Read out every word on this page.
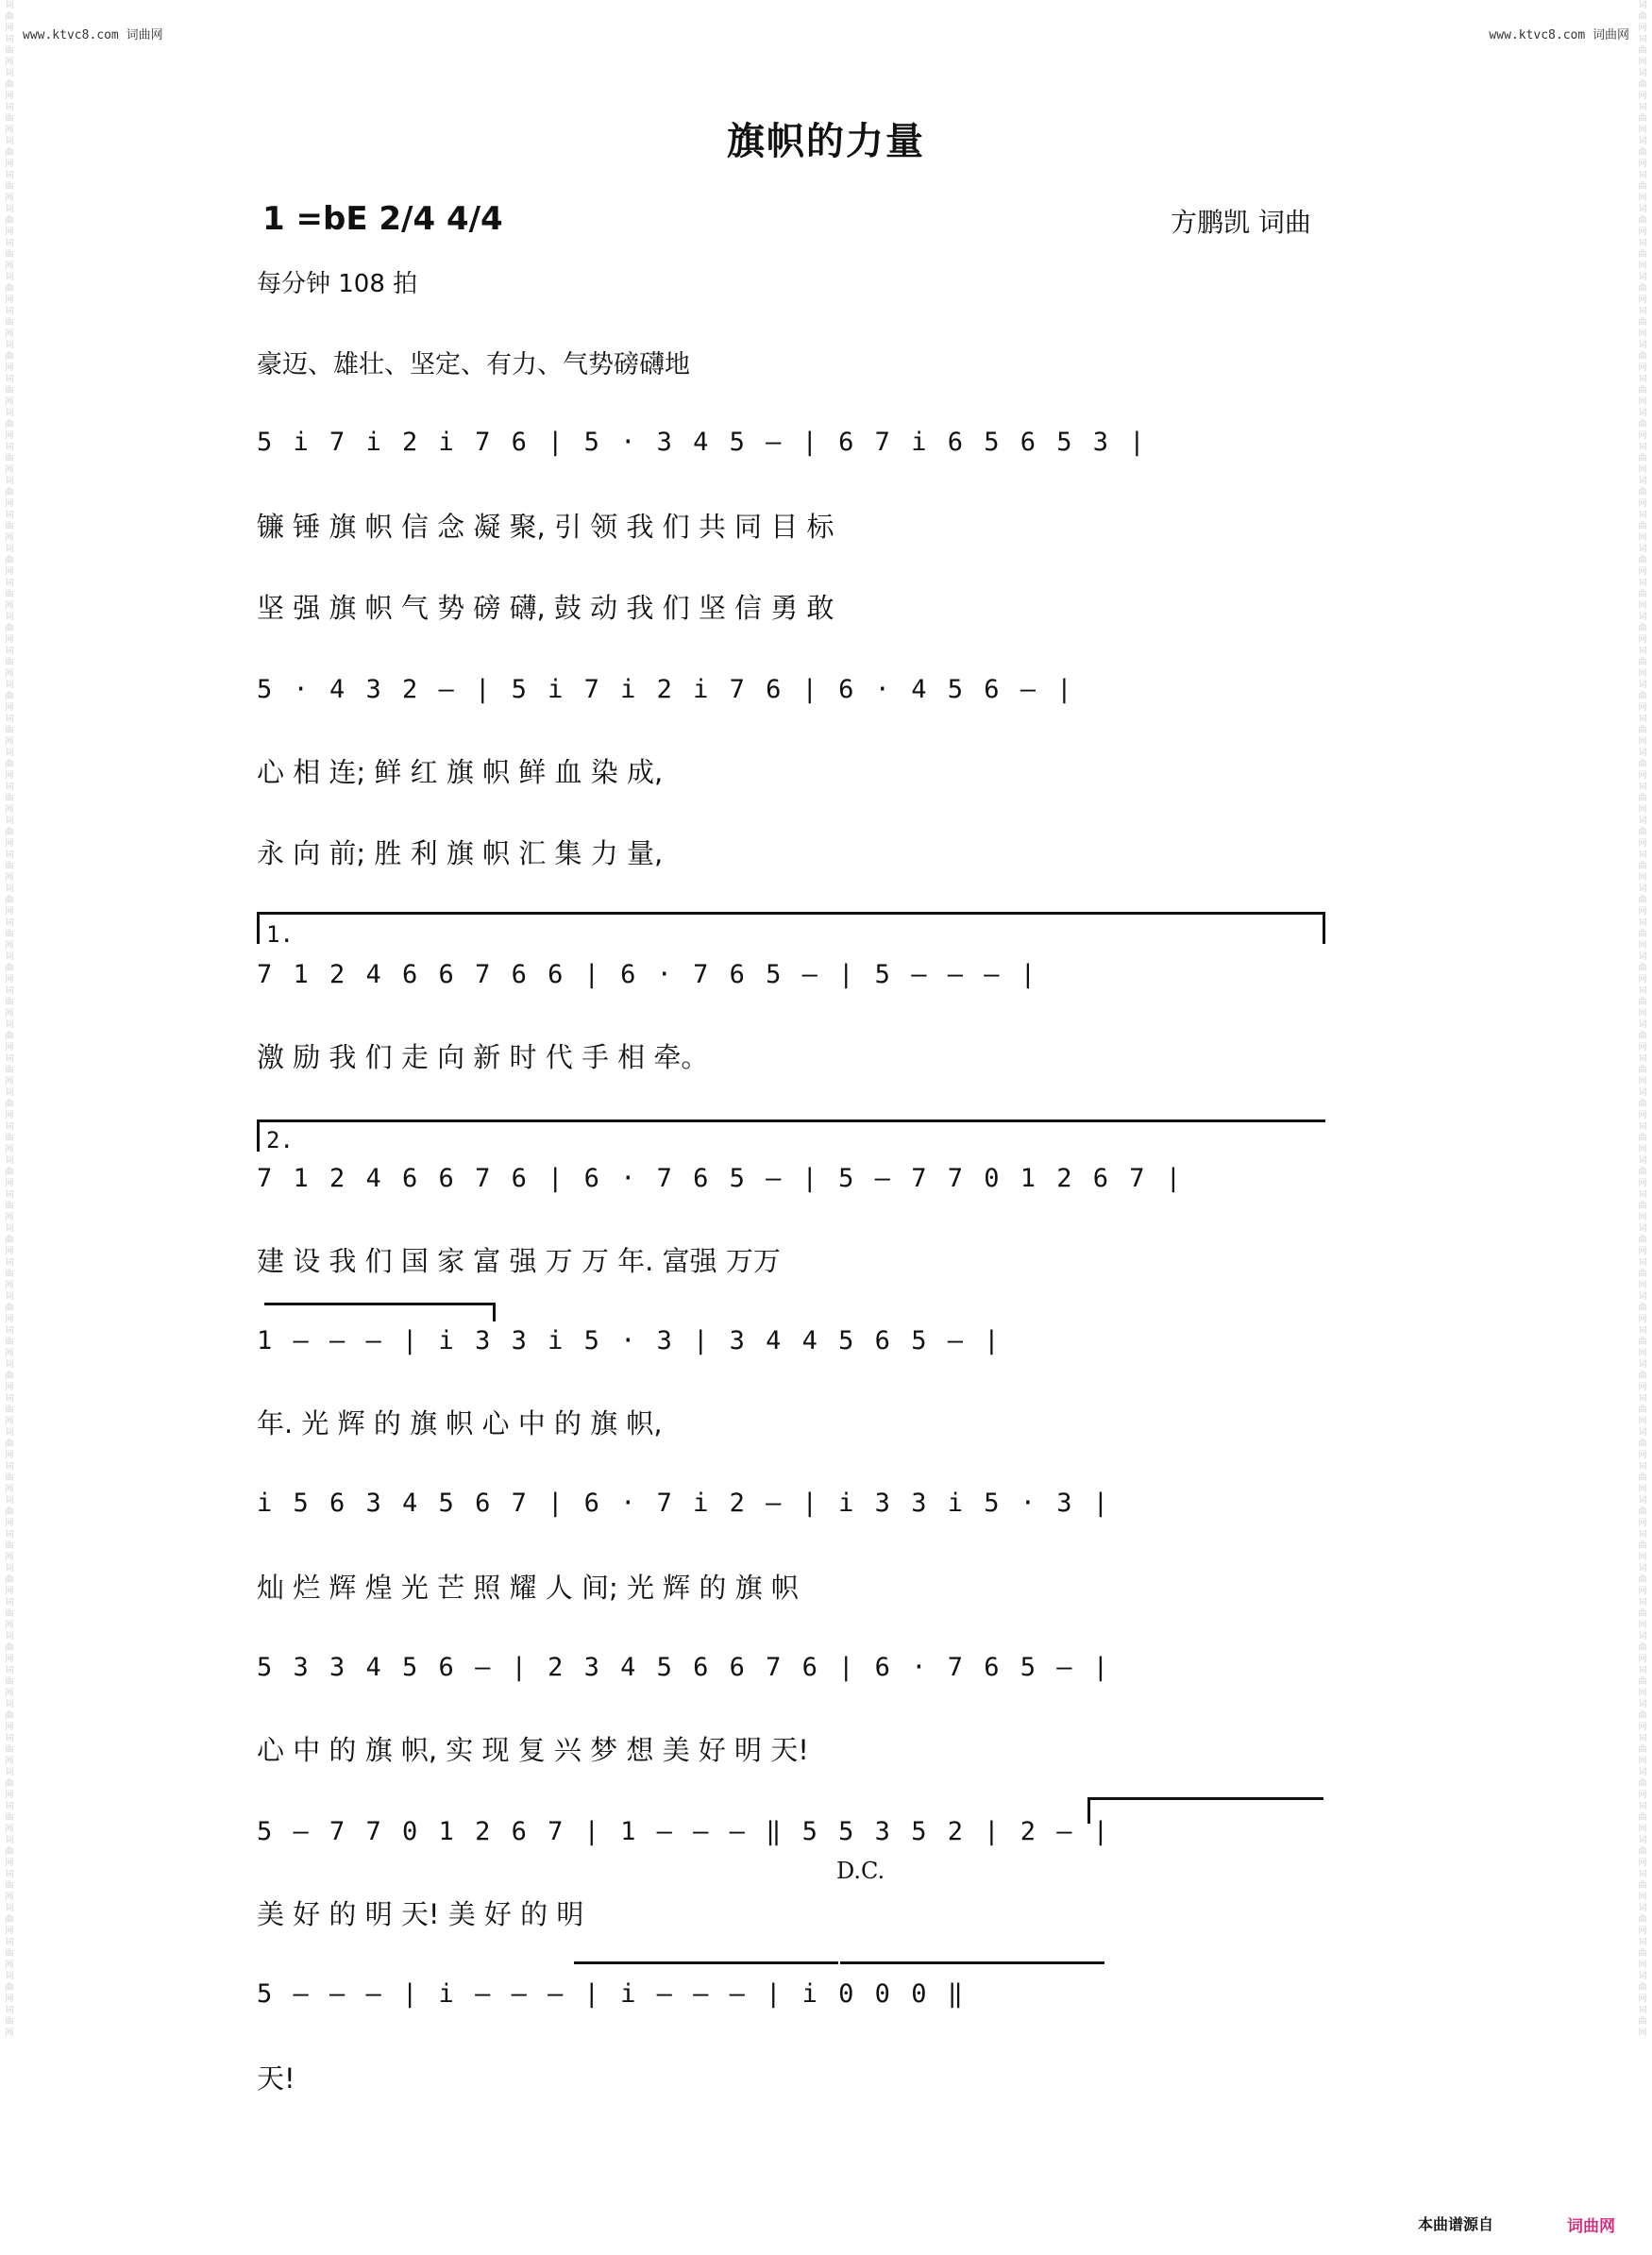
词曲网词曲网词曲网词曲网词曲网词曲网词曲网词曲网词曲网词曲网词曲网词曲网词曲网词曲网词曲网词曲网词曲网词曲网词曲网词曲网词曲网词曲网词曲网词曲网词曲网词曲网词曲网词曲网词曲网词曲网词曲网词曲网词曲网词曲网词曲网词曲网词曲网词曲网词曲网词曲网词曲网词曲网词曲网词曲网词曲网词曲网词曲网词曲网词曲网词曲网词曲网词曲网词曲网词曲网词曲网词曲网词曲网词曲网词曲网词曲网
词曲网词曲网词曲网词曲网词曲网词曲网词曲网词曲网词曲网词曲网词曲网词曲网词曲网词曲网词曲网词曲网词曲网词曲网词曲网词曲网词曲网词曲网词曲网词曲网词曲网词曲网词曲网词曲网词曲网词曲网词曲网词曲网词曲网词曲网词曲网词曲网词曲网词曲网词曲网词曲网词曲网词曲网词曲网词曲网词曲网词曲网词曲网词曲网词曲网词曲网词曲网词曲网词曲网词曲网词曲网词曲网词曲网词曲网词曲网词曲网
www.ktvc8.com 词曲网	www.ktvc8.com 词曲网
旗帜的力量
1 =bE 2/4 4/4	方鹏凯 词曲
每分钟 108 拍
豪迈、雄壮、坚定、有力、气势磅礴地
5 i 7 i 2 i 7 6 | 5 · 3 4 5 — | 6 7 i 6 5 6 5 3 |
镰 锤 旗 帜 信 念 凝 聚, 引 领 我 们 共 同 目 标
坚 强 旗 帜 气 势 磅 礴, 鼓 动 我 们 坚 信 勇 敢
5 · 4 3 2 — | 5 i 7 i 2 i 7 6 | 6 · 4 5 6 — |
心 相 连; 鲜 红 旗 帜 鲜 血 染 成,
永 向 前; 胜 利 旗 帜 汇 集 力 量,
1.
7 1 2 4 6 6 7 6 6 | 6 · 7 6 5 — | 5 — — — |
激 励 我 们 走 向 新 时 代 手 相 牵。
2.
7 1 2 4 6 6 7 6 | 6 · 7 6 5 — | 5 — 7 7 0 1 2 6 7 |
建 设 我 们 国 家 富 强 万 万 年. 富强 万万
1 — — — | i 3 3 i 5 · 3 | 3 4 4 5 6 5 — |
年. 光 辉 的 旗 帜 心 中 的 旗 帜,
i 5 6 3 4 5 6 7 | 6 · 7 i 2 — | i 3 3 i 5 · 3 |
灿 烂 辉 煌 光 芒 照 耀 人 间; 光 辉 的 旗 帜
5 3 3 4 5 6 — | 2 3 4 5 6 6 7 6 | 6 · 7 6 5 — |
心 中 的 旗 帜, 实 现 复 兴 梦 想 美 好 明 天!
5 — 7 7 0 1 2 6 7 | 1 — — — ‖ 5 5 3 5 2 | 2 — |
D.C.
美 好 的 明 天! 美 好 的 明
5 — — — | i — — — | i — — — | i 0 0 0 ‖
天!
本曲谱源自	词曲网
